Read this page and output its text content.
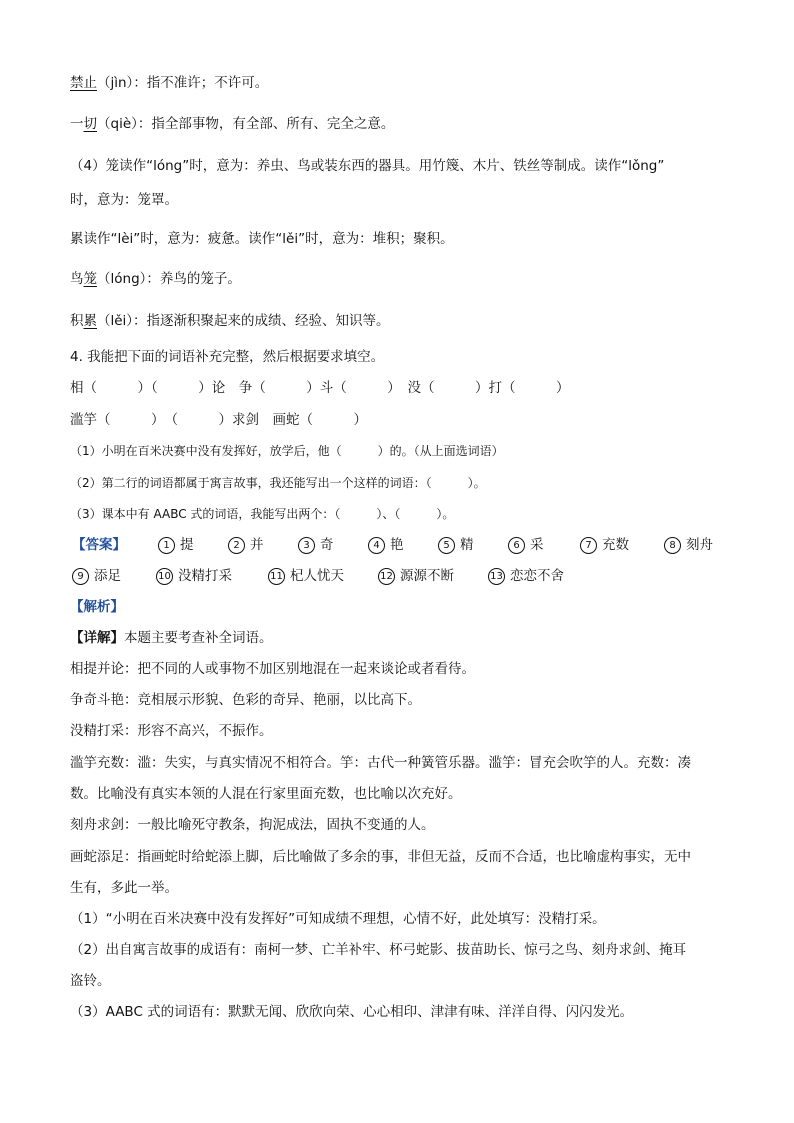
禁止（jìn）：指不准许；不许可。
一切（qiè）：指全部事物，有全部、所有、完全之意。
（4）笼读作“lóng”时，意为：养虫、鸟或装东西的器具。用竹篾、木片、铁丝等制成。读作“lǒng”
时，意为：笼罩。
累读作“lèi”时，意为：疲惫。读作“lěi”时，意为：堆积；聚积。
鸟笼（lóng）：养鸟的笼子。
积累（lěi）：指逐渐积聚起来的成绩、经验、知识等。
4. 我能把下面的词语补充完整，然后根据要求填空。
相（　　　）（　　　）论　争（　　　）斗（　　　）　没（　　　）打（　　　）
滥竽（　　　）　（　　　）求剑　画蛇（　　　）
（1）小明在百米决赛中没有发挥好，放学后，他（　　　）的。（从上面选词语）
（2）第二行的词语都属于寓言故事，我还能写出一个这样的词语：（　　　）。
（3）课本中有 AABC 式的词语，我能写出两个：（　　　）、（　　　）。
【答案】	1 提	2 并	3 奇	4 艳	5 精	6 采	7 充数	8 刻舟
9 添足	10 没精打采	11 杞人忧天	12 源源不断	13 恋恋不舍
【解析】
【详解】本题主要考查补全词语。
相提并论：把不同的人或事物不加区别地混在一起来谈论或者看待。
争奇斗艳：竞相展示形貌、色彩的奇异、艳丽，以比高下。
没精打采：形容不高兴，不振作。
滥竽充数：滥：失实，与真实情况不相符合。竽：古代一种簧管乐器。滥竽：冒充会吹竽的人。充数：凑
数。比喻没有真实本领的人混在行家里面充数，也比喻以次充好。
刻舟求剑：一般比喻死守教条，拘泥成法，固执不变通的人。
画蛇添足：指画蛇时给蛇添上脚，后比喻做了多余的事，非但无益，反而不合适，也比喻虚构事实，无中
生有，多此一举。
（1）“小明在百米决赛中没有发挥好”可知成绩不理想，心情不好，此处填写：没精打采。
（2）出自寓言故事的成语有：南柯一梦、亡羊补牢、杯弓蛇影、拔苗助长、惊弓之鸟、刻舟求剑、掩耳
盗铃。
（3）AABC 式的词语有：默默无闻、欣欣向荣、心心相印、津津有味、洋洋自得、闪闪发光。
